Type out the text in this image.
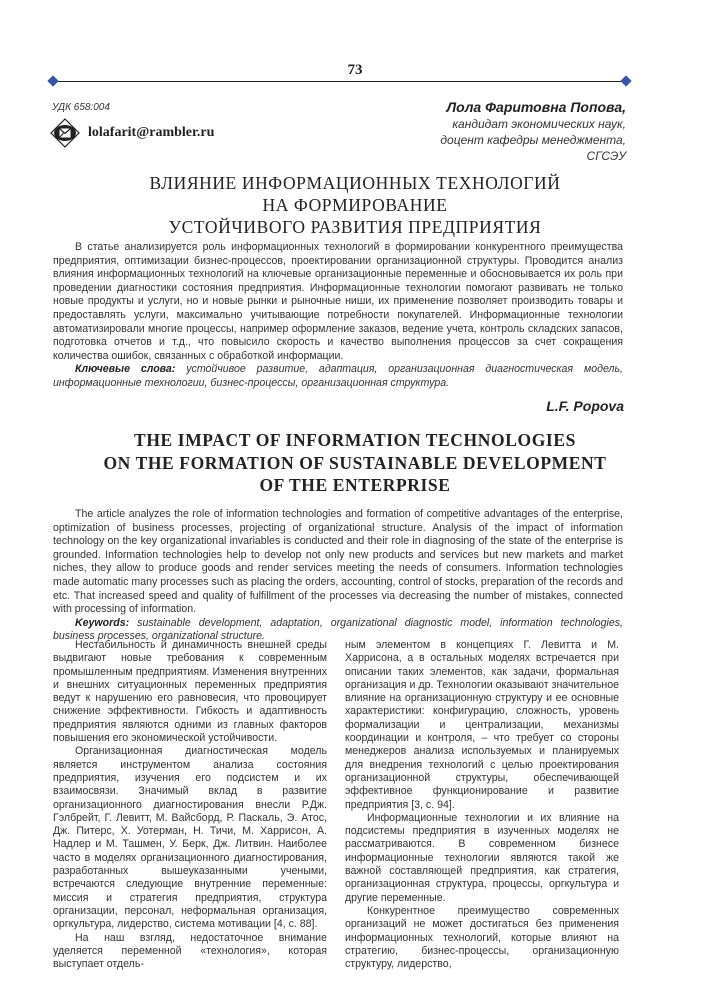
73
УДК 658:004
lolafarit@rambler.ru
Лола Фаритовна Попова,
кандидат экономических наук,
доцент кафедры менеджмента,
СГСЭУ
ВЛИЯНИЕ ИНФОРМАЦИОННЫХ ТЕХНОЛОГИЙ
НА ФОРМИРОВАНИЕ
УСТОЙЧИВОГО РАЗВИТИЯ ПРЕДПРИЯТИЯ

В статье анализируется роль информационных технологий в формировании конкурентного преимущества предприятия, оптимизации бизнес-процессов, проектировании организационной структуры. Проводится анализ влияния информационных технологий на ключевые организационные переменные и обосновывается их роль при проведении диагностики состояния предприятия. Информационные технологии помогают развивать не только новые продукты и услуги, но и новые рынки и рыночные ниши, их применение позволяет производить товары и предоставлять услуги, максимально учитывающие потребности покупателей. Информационные технологии автоматизировали многие процессы, например оформление заказов, ведение учета, контроль складских запасов, подготовка отчетов и т.д., что повысило скорость и качество выполнения процессов за счет сокращения количества ошибок, связанных с обработкой информации.

Ключевые слова: устойчивое развитие, адаптация, организационная диагностическая модель, информационные технологии, бизнес-процессы, организационная структура.

L.F. Popova
THE IMPACT OF INFORMATION TECHNOLOGIES
ON THE FORMATION OF SUSTAINABLE DEVELOPMENT
OF THE ENTERPRISE

The article analyzes the role of information technologies and formation of competitive advantages of the enterprise, optimization of business processes, projecting of organizational structure. Analysis of the impact of information technology on the key organizational invariables is conducted and their role in diagnosing of the state of the enterprise is grounded. Information technologies help to develop not only new products and services but new markets and market niches, they allow to produce goods and render services meeting the needs of consumers. Information technologies made automatic many processes such as placing the orders, accounting, control of stocks, preparation of the records and etc. That increased speed and quality of fulfillment of the processes via decreasing the number of mistakes, connected with processing of information.

Keywords: sustainable development, adaptation, organizational diagnostic model, information technologies, business processes, organizational structure.

Нестабильность и динамичность внешней среды выдвигают новые требования к современным промышленным предприятиям. Изменения внутренних и внешних ситуационных переменных предприятия ведут к нарушению его равновесия, что провоцирует снижение эффективности. Гибкость и адаптивность предприятия являются одними из главных факторов повышения его экономической устойчивости.

Организационная диагностическая модель является инструментом анализа состояния предприятия, изучения его подсистем и их взаимосвязи. Значимый вклад в развитие организационного диагностирования внесли Р.Дж. Гэлбрейт, Г. Левитт, М. Вайсборд, Р. Паскаль, Э. Атос, Дж. Питерс, Х. Уотерман, Н. Тичи, М. Харрисон, А. Надлер и М. Ташмен, У. Берк, Дж. Литвин. Наиболее часто в моделях организационного диагностирования, разработанных вышеуказанными учеными, встречаются следующие внутренние переменные: миссия и стратегия предприятия, структура организации, персонал, неформальная организация, оргкультура, лидерство, система мотивации [4, с. 88].

На наш взгляд, недостаточное внимание уделяется переменной «технология», которая выступает отдель-

ным элементом в концепциях Г. Левитта и М. Харрисона, а в остальных моделях встречается при описании таких элементов, как задачи, формальная организация и др. Технологии оказывают значительное влияние на организационную структуру и ее основные характеристики: конфигурацию, сложность, уровень формализации и централизации, механизмы координации и контроля, – что требует со стороны менеджеров анализа используемых и планируемых для внедрения технологий с целью проектирования организационной структуры, обеспечивающей эффективное функционирование и развитие предприятия [3, с. 94].

Информационные технологии и их влияние на подсистемы предприятия в изученных моделях не рассматриваются. В современном бизнесе информационные технологии являются такой же важной составляющей предприятия, как стратегия, организационная структура, процессы, оргкультура и другие переменные.

Конкурентное преимущество современных организаций не может достигаться без применения информационных технологий, которые влияют на стратегию, бизнес-процессы, организационную структуру, лидерство,
